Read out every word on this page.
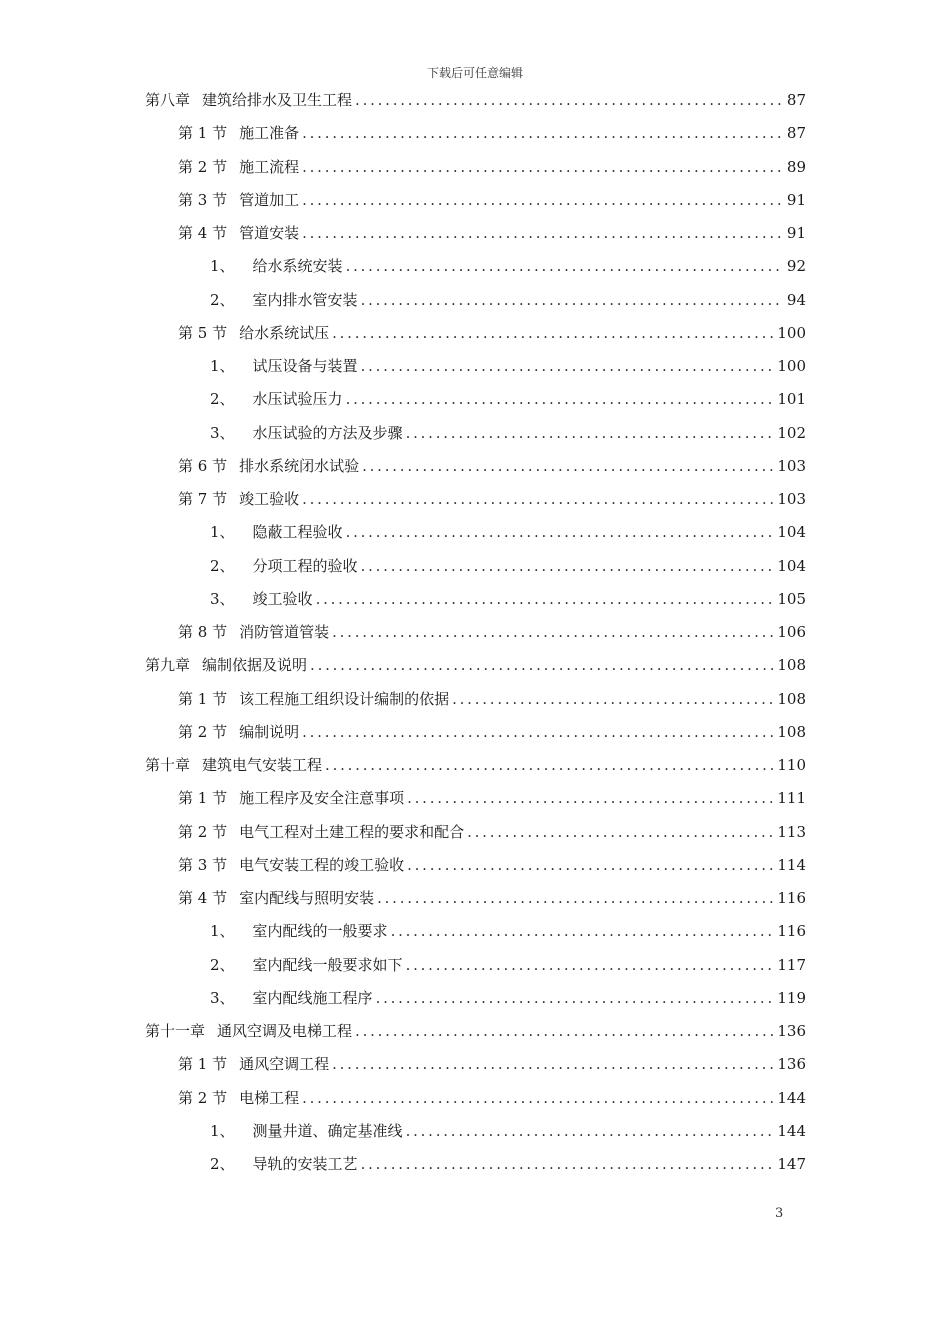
下载后可任意编辑
第八章 建筑给排水及卫生工程 . . .	87
第 1 节 施工准备 . . .	87
第 2 节 施工流程 . . .	89
第 3 节 管道加工 . . .	91
第 4 节 管道安装 . . .	91
1、 给水系统安装 . . .	92
2、 室内排水管安装 . . .	94
第 5 节 给水系统试压 . . .	100
1、 试压设备与装置 . . .	100
2、 水压试验压力 . . .	101
3、 水压试验的方法及步骤 . . .	102
第 6 节 排水系统闭水试验 . . .	103
第 7 节 竣工验收 . . .	103
1、 隐蔽工程验收 . . .	104
2、 分项工程的验收 . . .	104
3、 竣工验收 . . .	105
第 8 节 消防管道管装 . . .	106
第九章 编制依据及说明 . . .	108
第 1 节 该工程施工组织设计编制的依据 . . .	108
第 2 节 编制说明 . . .	108
第十章 建筑电气安装工程 . . .	110
第 1 节 施工程序及安全注意事项 . . .	111
第 2 节 电气工程对土建工程的要求和配合 . . .	113
第 3 节 电气安装工程的竣工验收 . . .	114
第 4 节 室内配线与照明安装 . . .	116
1、 室内配线的一般要求 . . .	116
2、 室内配线一般要求如下 . . .	117
3、 室内配线施工程序 . . .	119
第十一章 通风空调及电梯工程 . . .	136
第 1 节 通风空调工程 . . .	136
第 2 节 电梯工程 . . .	144
1、 测量井道、确定基准线 . . .	144
2、 导轨的安装工艺 . . .	147
3
